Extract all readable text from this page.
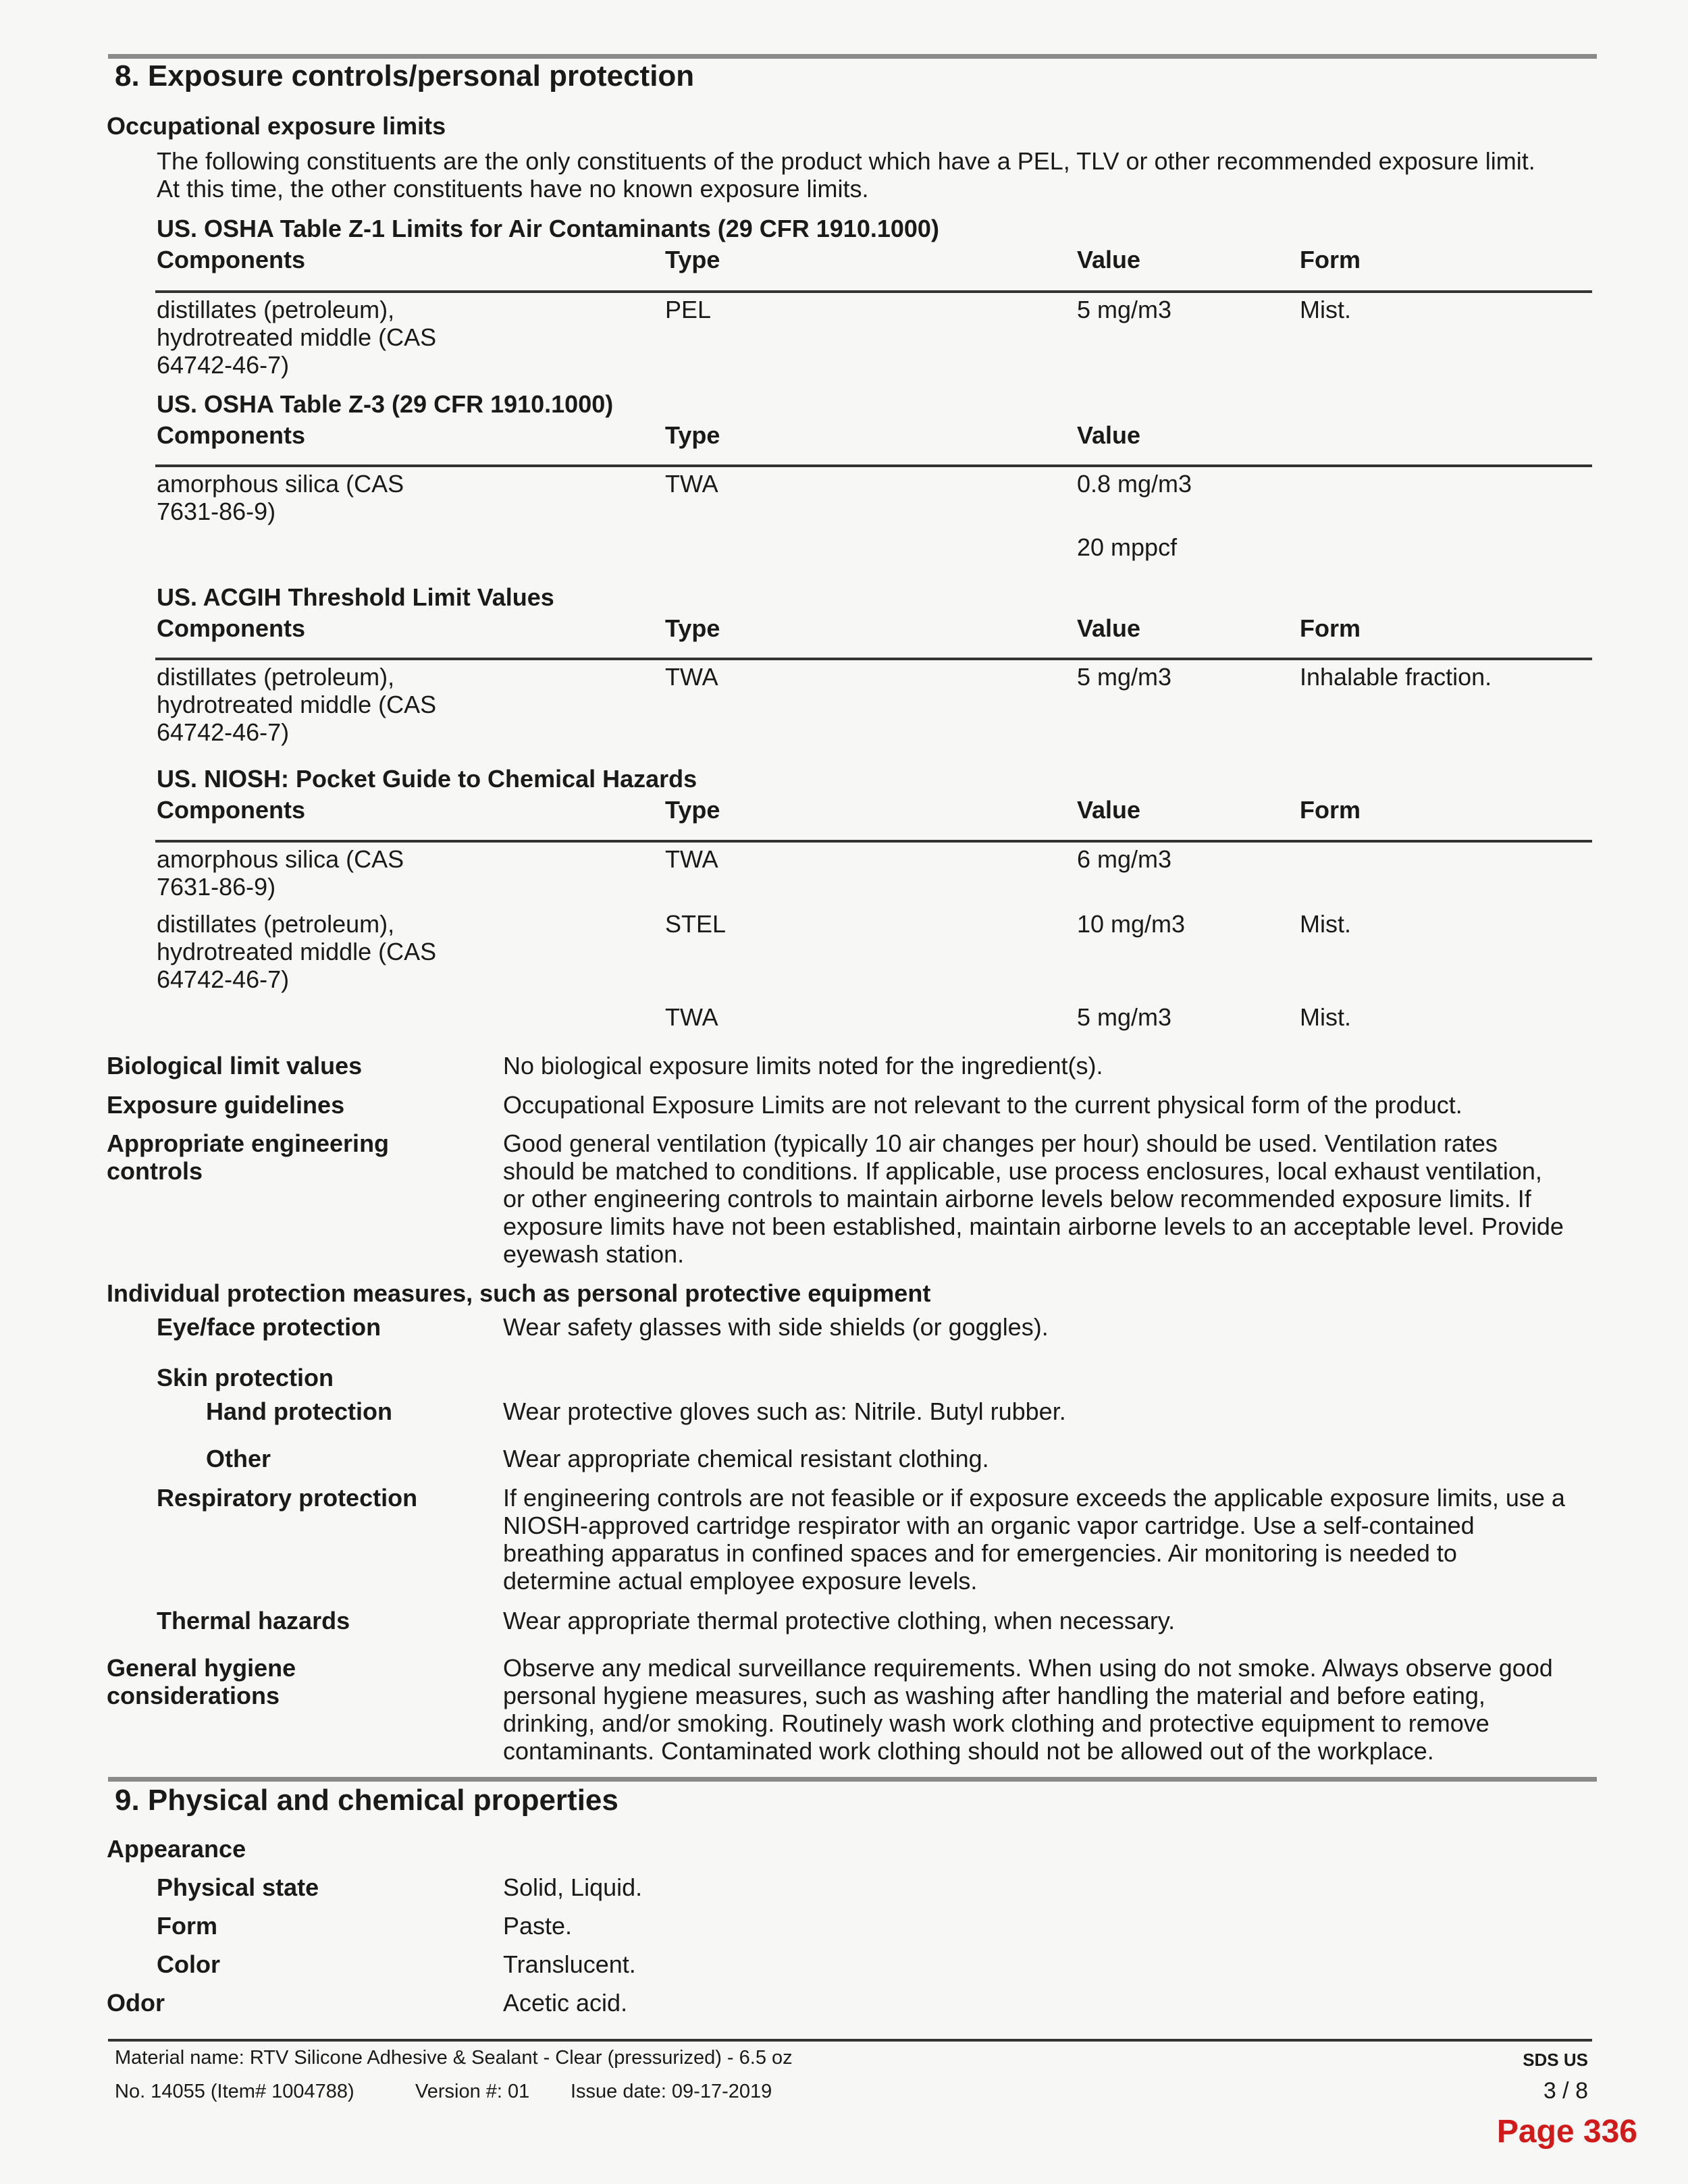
8. Exposure controls/personal protection
Occupational exposure limits
The following constituents are the only constituents of the product which have a PEL, TLV or other recommended exposure limit.
At this time, the other constituents have no known exposure limits.
US. OSHA Table Z-1 Limits for Air Contaminants (29 CFR 1910.1000)
Components	Type	Value	Form
distillates (petroleum),
hydrotreated middle (CAS
64742-46-7)
PEL	5 mg/m3	Mist.
US. OSHA Table Z-3 (29 CFR 1910.1000)
Components	Type	Value
amorphous silica (CAS
7631-86-9)
TWA	0.8 mg/m3
20 mppcf
US. ACGIH Threshold Limit Values
Components	Type	Value	Form
distillates (petroleum),
hydrotreated middle (CAS
64742-46-7)
TWA	5 mg/m3	Inhalable fraction.
US. NIOSH: Pocket Guide to Chemical Hazards
Components	Type	Value	Form
amorphous silica (CAS
7631-86-9)
TWA	6 mg/m3
distillates (petroleum),
hydrotreated middle (CAS
64742-46-7)
STEL	10 mg/m3	Mist.
TWA	5 mg/m3	Mist.
Biological limit values	No biological exposure limits noted for the ingredient(s).
Exposure guidelines	Occupational Exposure Limits are not relevant to the current physical form of the product.
Appropriate engineering
controls
Good general ventilation (typically 10 air changes per hour) should be used. Ventilation rates
should be matched to conditions. If applicable, use process enclosures, local exhaust ventilation,
or other engineering controls to maintain airborne levels below recommended exposure limits. If
exposure limits have not been established, maintain airborne levels to an acceptable level. Provide
eyewash station.
Individual protection measures, such as personal protective equipment
Eye/face protection	Wear safety glasses with side shields (or goggles).
Skin protection
Hand protection	Wear protective gloves such as: Nitrile. Butyl rubber.
Other	Wear appropriate chemical resistant clothing.
Respiratory protection	If engineering controls are not feasible or if exposure exceeds the applicable exposure limits, use a
NIOSH-approved cartridge respirator with an organic vapor cartridge. Use a self-contained
breathing apparatus in confined spaces and for emergencies. Air monitoring is needed to
determine actual employee exposure levels.
Thermal hazards	Wear appropriate thermal protective clothing, when necessary.
General hygiene
considerations
Observe any medical surveillance requirements. When using do not smoke. Always observe good
personal hygiene measures, such as washing after handling the material and before eating,
drinking, and/or smoking. Routinely wash work clothing and protective equipment to remove
contaminants. Contaminated work clothing should not be allowed out of the workplace.
9. Physical and chemical properties
Appearance
Physical state	Solid, Liquid.
Form	Paste.
Color	Translucent.
Odor	Acetic acid.
Material name: RTV Silicone Adhesive & Sealant - Clear (pressurized) - 6.5 oz
No. 14055 (Item# 1004788)	Version #: 01 Issue date: 09-17-2019
SDS US
3 / 8
Page 336
